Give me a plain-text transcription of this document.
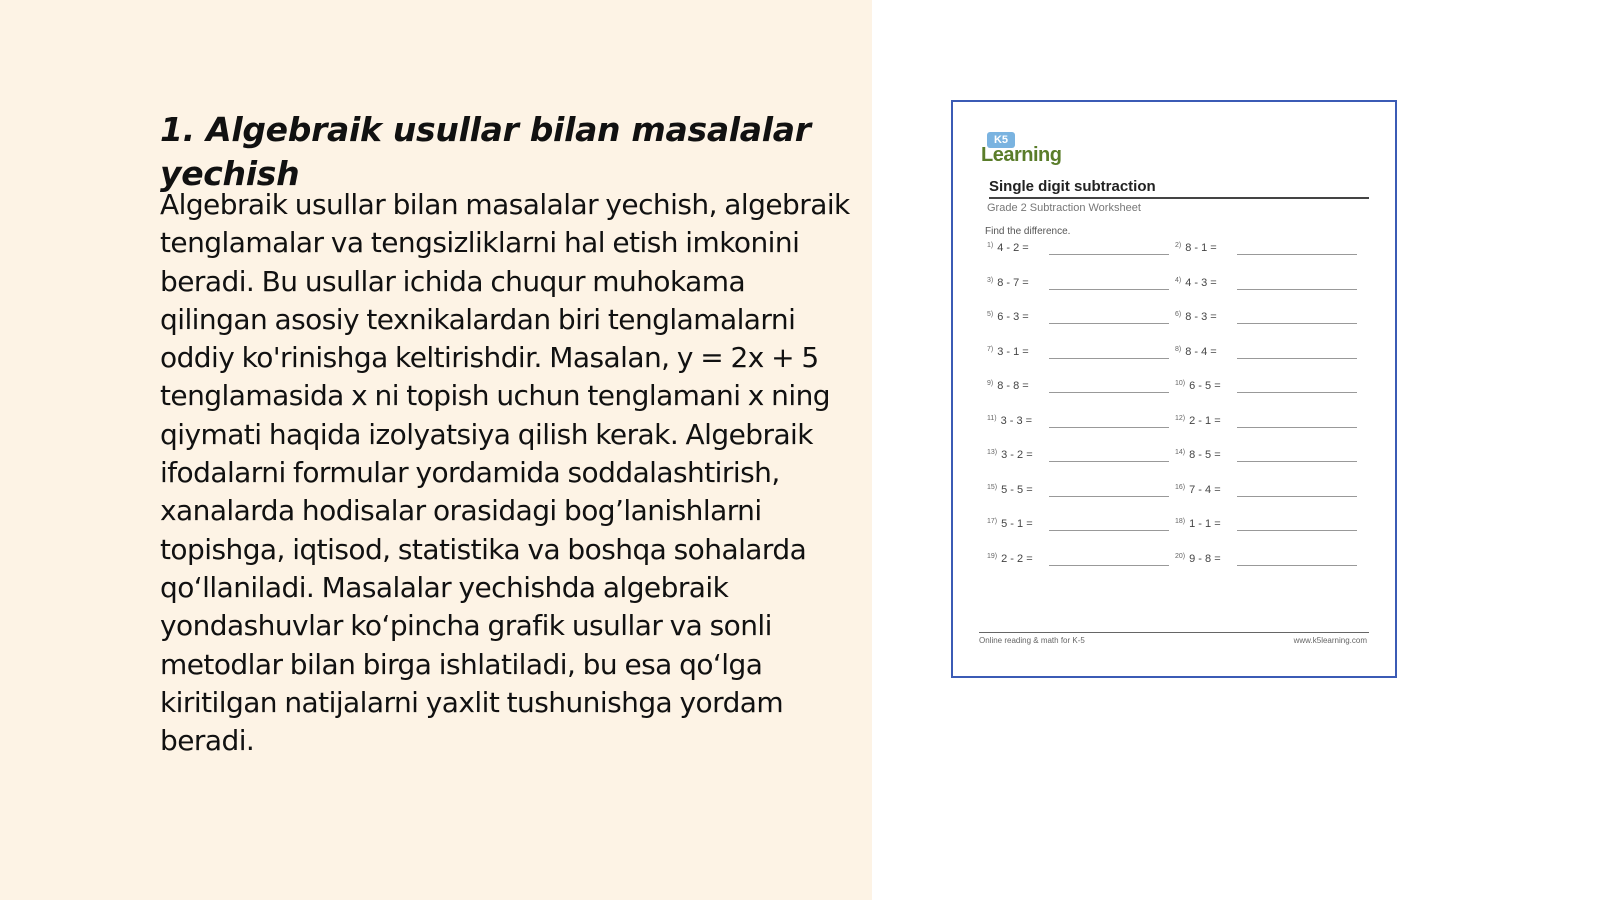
1. Algebraik usullar bilan masalalar yechish

Algebraik usullar bilan masalalar yechish, algebraik tenglamalar va tengsizliklarni hal etish imkonini beradi. Bu usullar ichida chuqur muhokama qilingan asosiy texnikalardan biri tenglamalarni oddiy ko'rinishga keltirishdir. Masalan, y = 2x + 5 tenglamasida x ni topish uchun tenglamani x ning qiymati haqida izolyatsiya qilish kerak. Algebraik ifodalarni formular yordamida soddalashtirish, xanalarda hodisalar orasidagi bog’lanishlarni topishga, iqtisod, statistika va boshqa sohalarda qo‘llaniladi. Masalalar yechishda algebraik yondashuvlar ko‘pincha grafik usullar va sonli metodlar bilan birga ishlatiladi, bu esa qo‘lga kiritilgan natijalarni yaxlit tushunishga yordam beradi.

K5
Learning
Single digit subtraction
Grade 2 Subtraction Worksheet
Find the difference.
$^{1)}$ 4 - 2 =	$^{2)}$ 8 - 1 =
$^{3)}$ 8 - 7 =	$^{4)}$ 4 - 3 =
$^{5)}$ 6 - 3 =	$^{6)}$ 8 - 3 =
$^{7)}$ 3 - 1 =	$^{8)}$ 8 - 4 =
$^{9)}$ 8 - 8 =	$^{10)}$ 6 - 5 =
$^{11)}$ 3 - 3 =	$^{12)}$ 2 - 1 =
$^{13)}$ 3 - 2 =	$^{14)}$ 8 - 5 =
$^{15)}$ 5 - 5 =	$^{16)}$ 7 - 4 =
$^{17)}$ 5 - 1 =	$^{18)}$ 1 - 1 =
$^{19)}$ 2 - 2 =	$^{20)}$ 9 - 8 =
Online reading & math for K-5	www.k5learning.com
